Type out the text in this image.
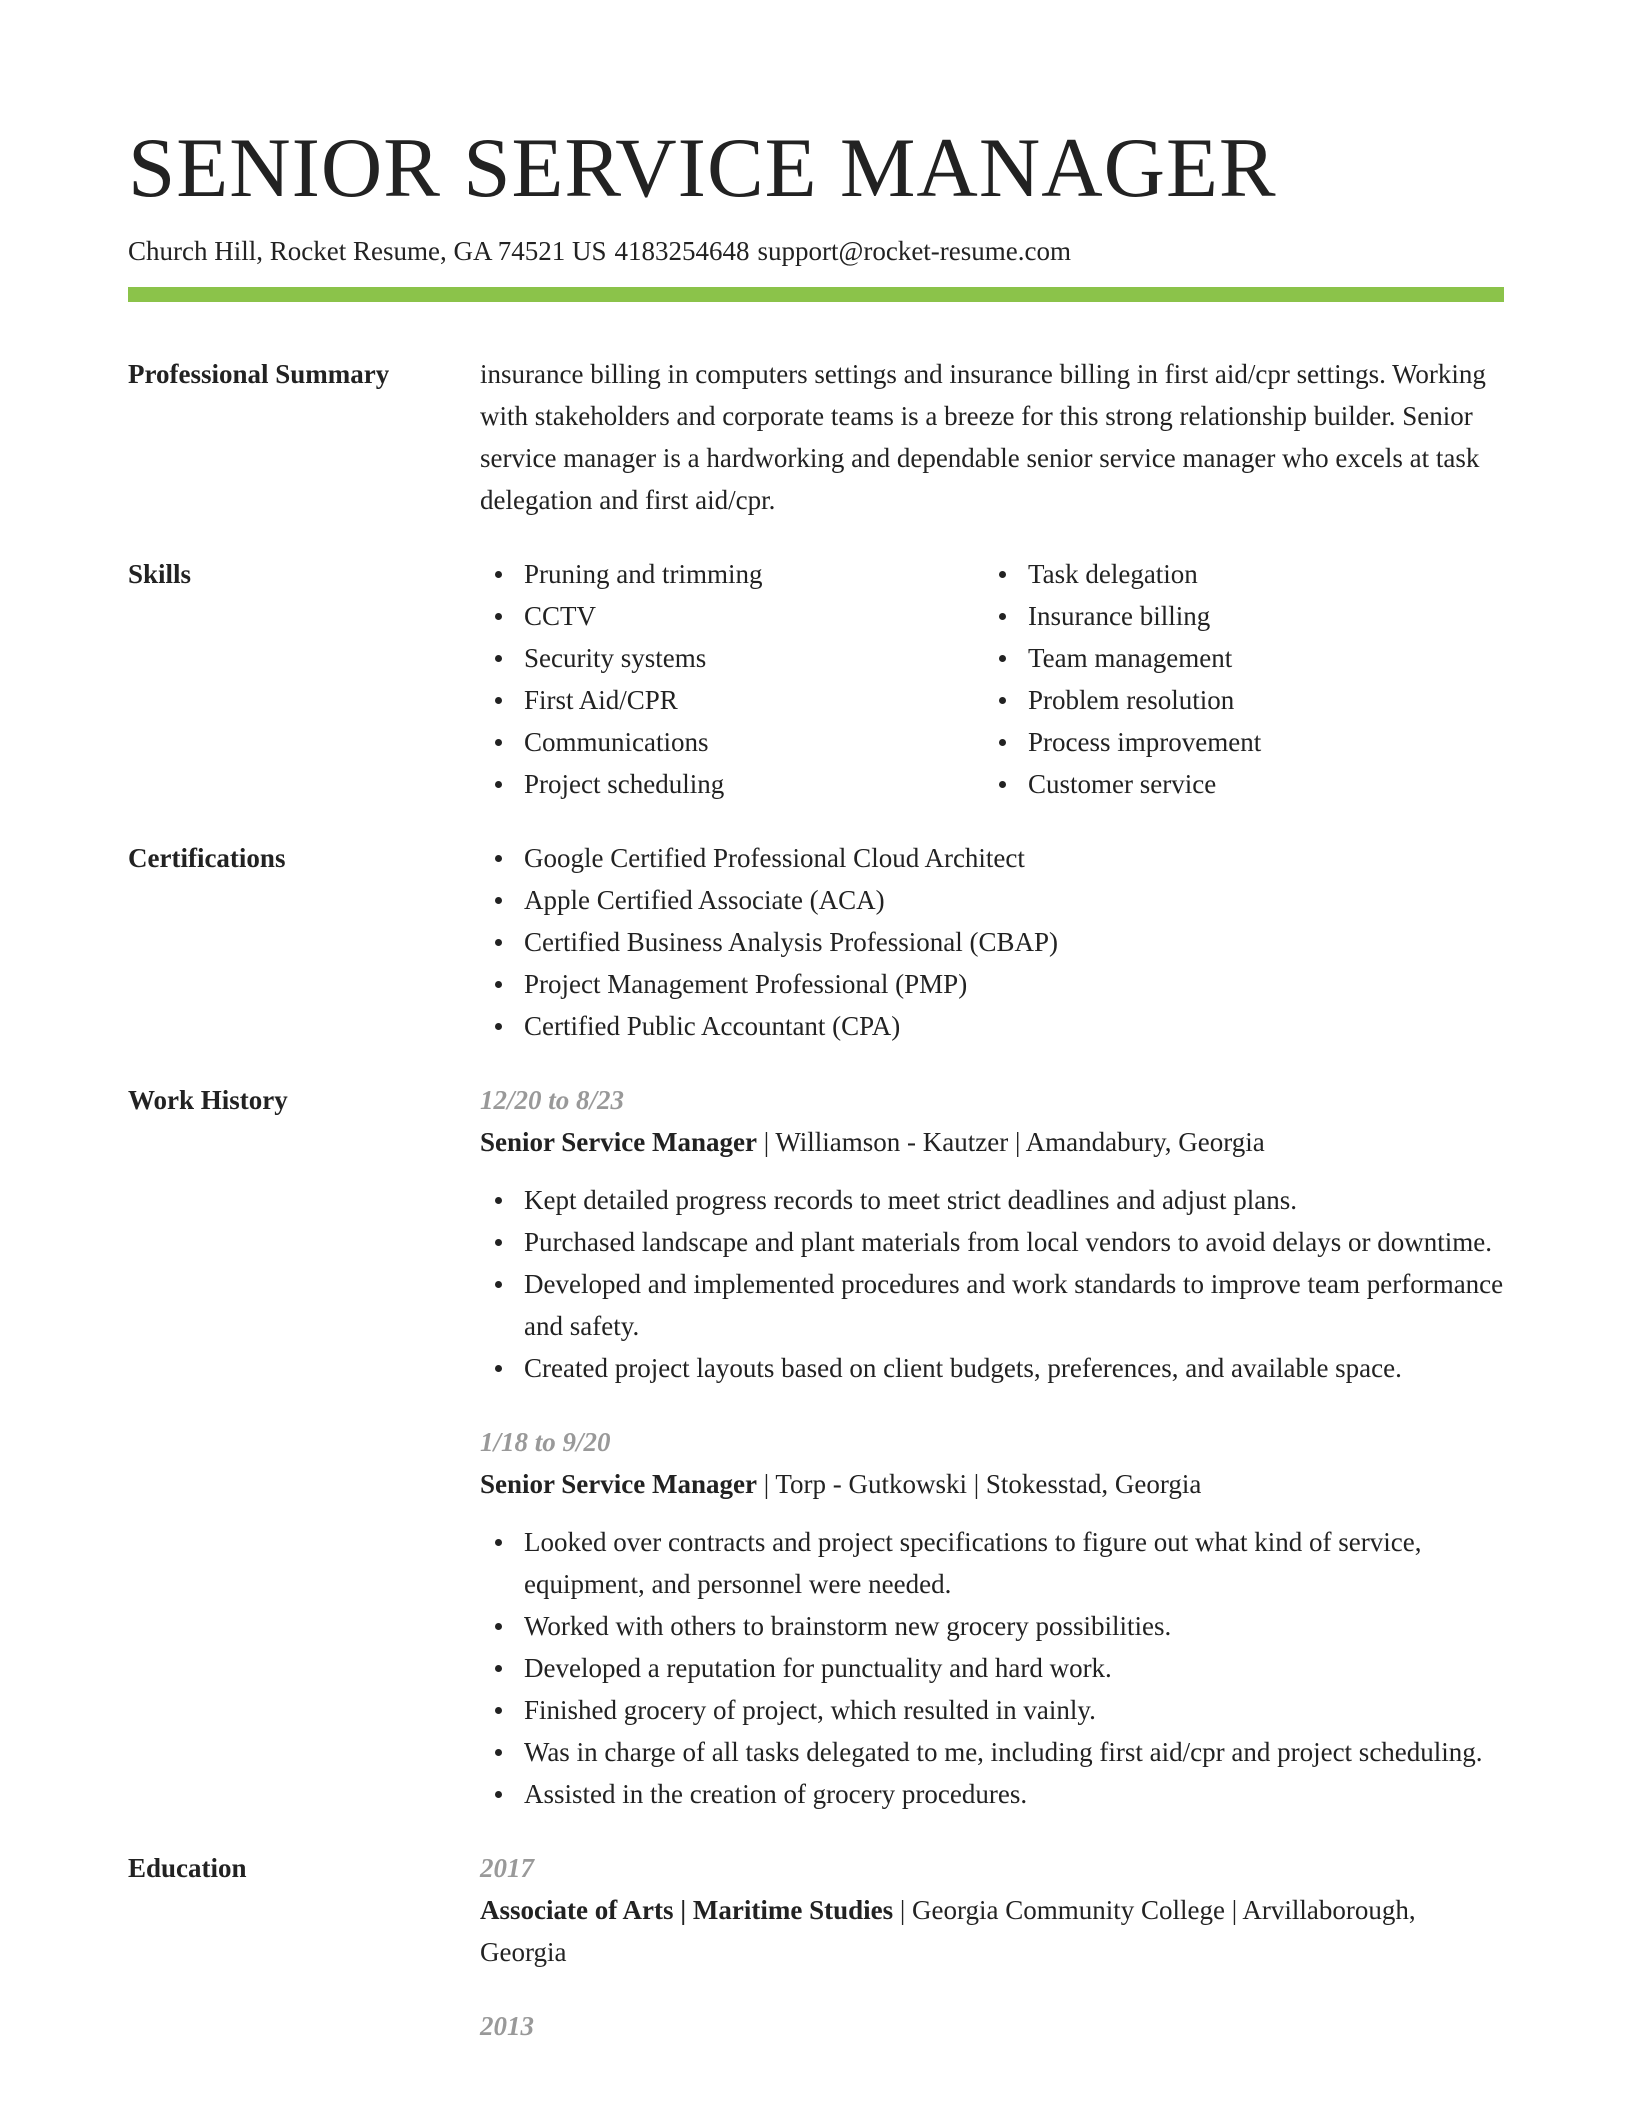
SENIOR SERVICE MANAGER
Church Hill, Rocket Resume, GA 74521 US 4183254648 support@rocket-resume.com
Professional Summary	insurance billing in computers settings and insurance billing in first aid/cpr settings. Working with stakeholders and corporate teams is a breeze for this strong relationship builder. Senior service manager is a hardworking and dependable senior service manager who excels at task delegation and first aid/cpr.
Skills	Pruning and trimming
CCTV
Security systems
First Aid/CPR
Communications
Project scheduling
Task delegation
Insurance billing
Team management
Problem resolution
Process improvement
Customer service
Certifications	Google Certified Professional Cloud Architect
Apple Certified Associate (ACA)
Certified Business Analysis Professional (CBAP)
Project Management Professional (PMP)
Certified Public Accountant (CPA)
Work History	12/20 to 8/23
Senior Service Manager | Williamson - Kautzer | Amandabury, Georgia
Kept detailed progress records to meet strict deadlines and adjust plans.
Purchased landscape and plant materials from local vendors to avoid delays or downtime.
Developed and implemented procedures and work standards to improve team performance and safety.
Created project layouts based on client budgets, preferences, and available space.
1/18 to 9/20
Senior Service Manager | Torp - Gutkowski | Stokesstad, Georgia
Looked over contracts and project specifications to figure out what kind of service, equipment, and personnel were needed.
Worked with others to brainstorm new grocery possibilities.
Developed a reputation for punctuality and hard work.
Finished grocery of project, which resulted in vainly.
Was in charge of all tasks delegated to me, including first aid/cpr and project scheduling.
Assisted in the creation of grocery procedures.
Education	2017
Associate of Arts | Maritime Studies | Georgia Community College | Arvillaborough, Georgia
2013
